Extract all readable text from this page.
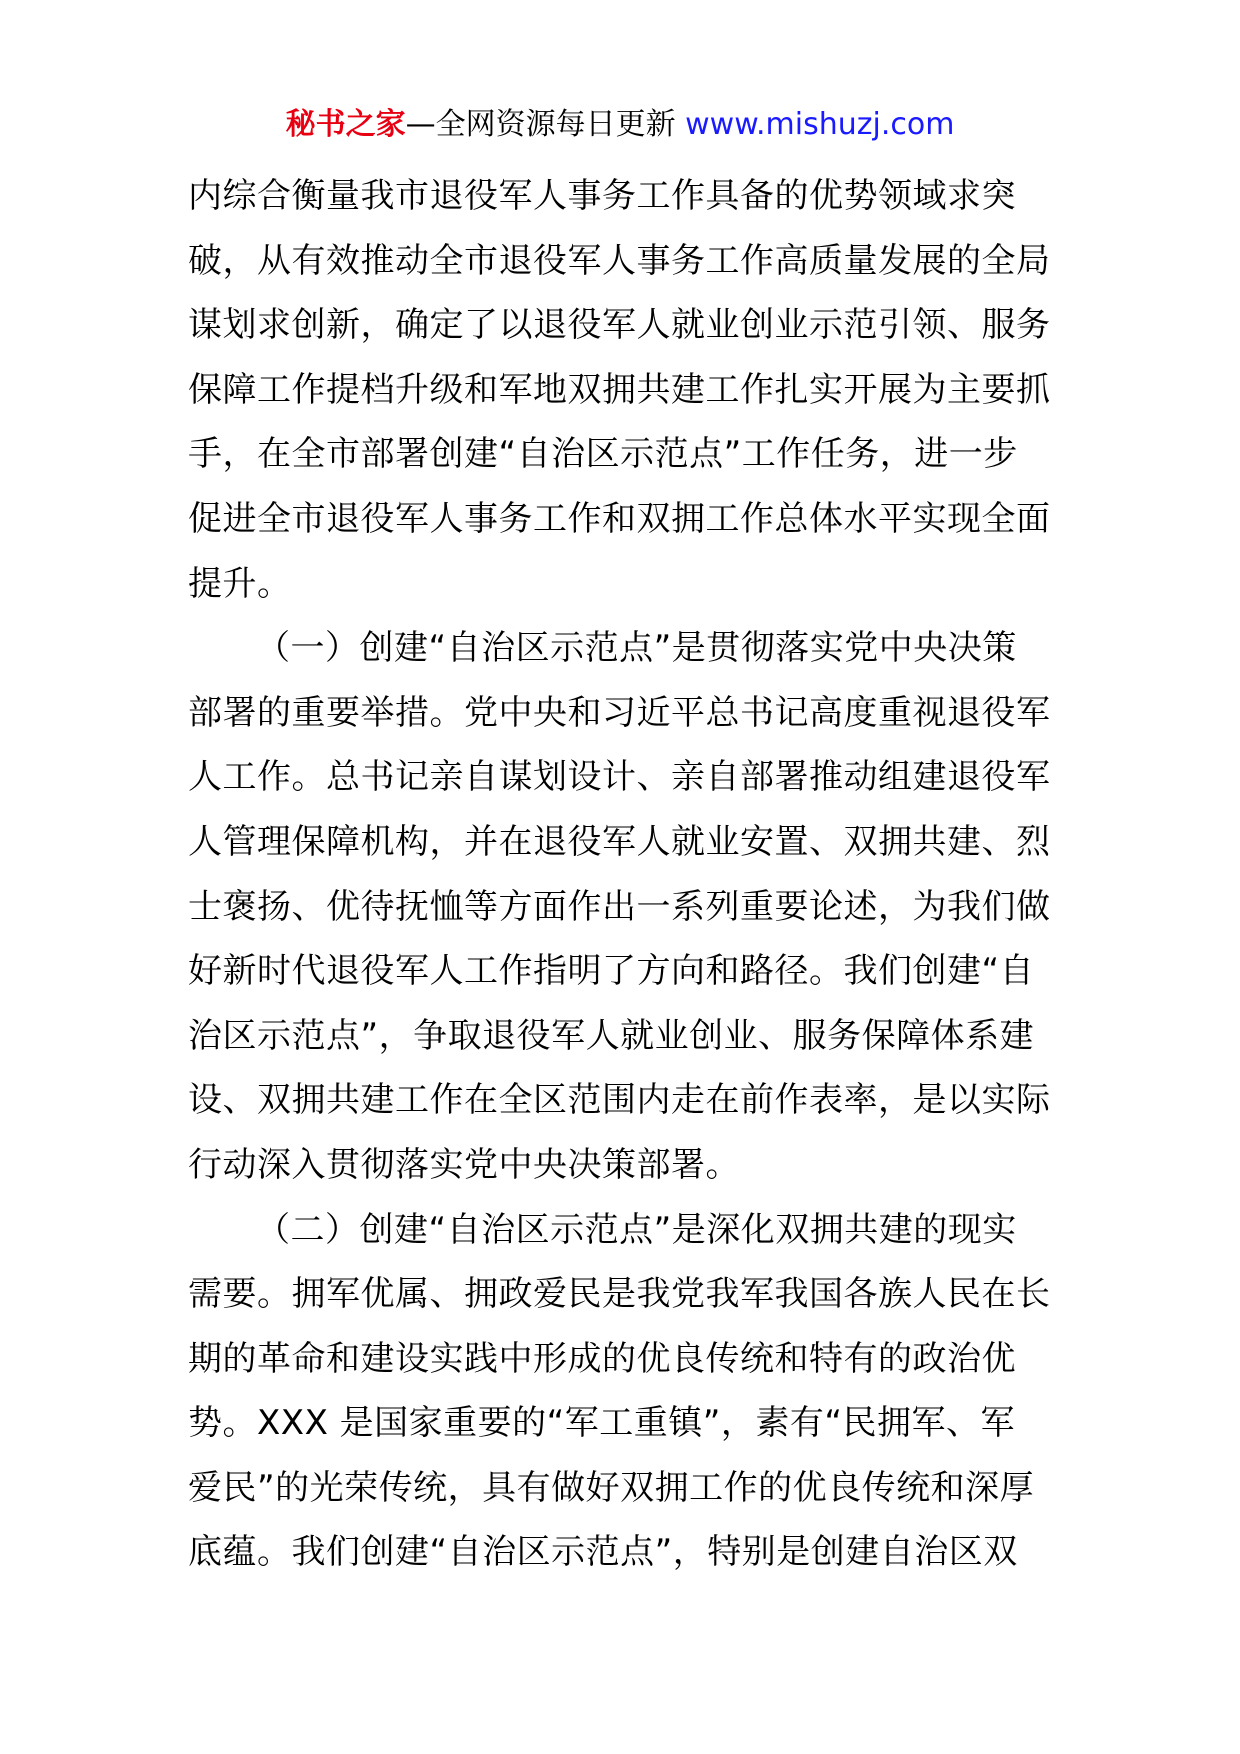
秘书之家—全网资源每日更新 www.mishuzj.com
内综合衡量我市退役军人事务工作具备的优势领域求突
破，从有效推动全市退役军人事务工作高质量发展的全局
谋划求创新，确定了以退役军人就业创业示范引领、服务
保障工作提档升级和军地双拥共建工作扎实开展为主要抓
手，在全市部署创建“自治区示范点”工作任务，进一步
促进全市退役军人事务工作和双拥工作总体水平实现全面
提升。
（一）创建“自治区示范点”是贯彻落实党中央决策
部署的重要举措。党中央和习近平总书记高度重视退役军
人工作。总书记亲自谋划设计、亲自部署推动组建退役军
人管理保障机构，并在退役军人就业安置、双拥共建、烈
士褒扬、优待抚恤等方面作出一系列重要论述，为我们做
好新时代退役军人工作指明了方向和路径。我们创建“自
治区示范点”，争取退役军人就业创业、服务保障体系建
设、双拥共建工作在全区范围内走在前作表率，是以实际
行动深入贯彻落实党中央决策部署。
（二）创建“自治区示范点”是深化双拥共建的现实
需要。拥军优属、拥政爱民是我党我军我国各族人民在长
期的革命和建设实践中形成的优良传统和特有的政治优
势。XXX 是国家重要的“军工重镇”，素有“民拥军、军
爱民”的光荣传统，具有做好双拥工作的优良传统和深厚
底蕴。我们创建“自治区示范点”，特别是创建自治区双
